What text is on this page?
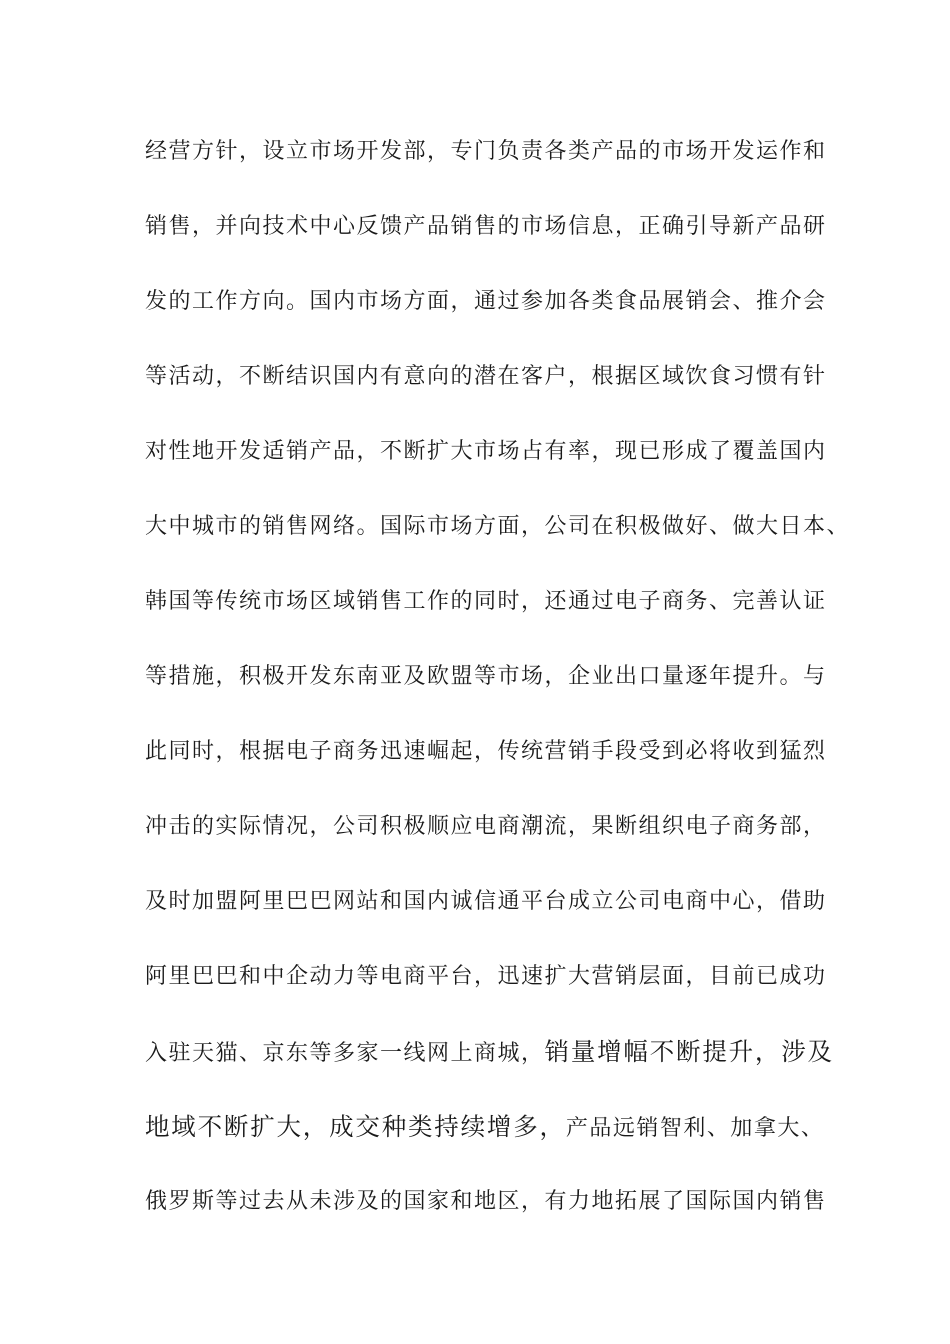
经营方针，设立市场开发部，专门负责各类产品的市场开发运作和

销售，并向技术中心反馈产品销售的市场信息，正确引导新产品研

发的工作方向。国内市场方面，通过参加各类食品展销会、推介会

等活动，不断结识国内有意向的潜在客户，根据区域饮食习惯有针

对性地开发适销产品，不断扩大市场占有率，现已形成了覆盖国内

大中城市的销售网络。国际市场方面，公司在积极做好、做大日本、

韩国等传统市场区域销售工作的同时，还通过电子商务、完善认证

等措施，积极开发东南亚及欧盟等市场，企业出口量逐年提升。与

此同时，根据电子商务迅速崛起，传统营销手段受到必将收到猛烈

冲击的实际情况，公司积极顺应电商潮流，果断组织电子商务部，

及时加盟阿里巴巴网站和国内诚信通平台成立公司电商中心，借助

阿里巴巴和中企动力等电商平台，迅速扩大营销层面，目前已成功

入驻天猫、京东等多家一线网上商城，销量增幅不断提升，涉及

地域不断扩大，成交种类持续增多，产品远销智利、加拿大、

俄罗斯等过去从未涉及的国家和地区，有力地拓展了国际国内销售
